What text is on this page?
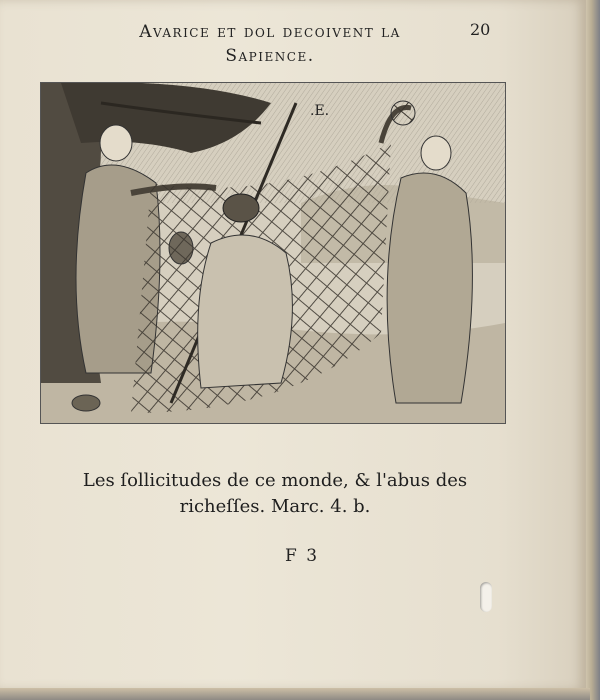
Avarice et dol decoivent la
Sapience.
20
.E.
Les ſollicitudes de ce monde, & l'abus des
richeſſes. Marc. 4. b.
F 3
